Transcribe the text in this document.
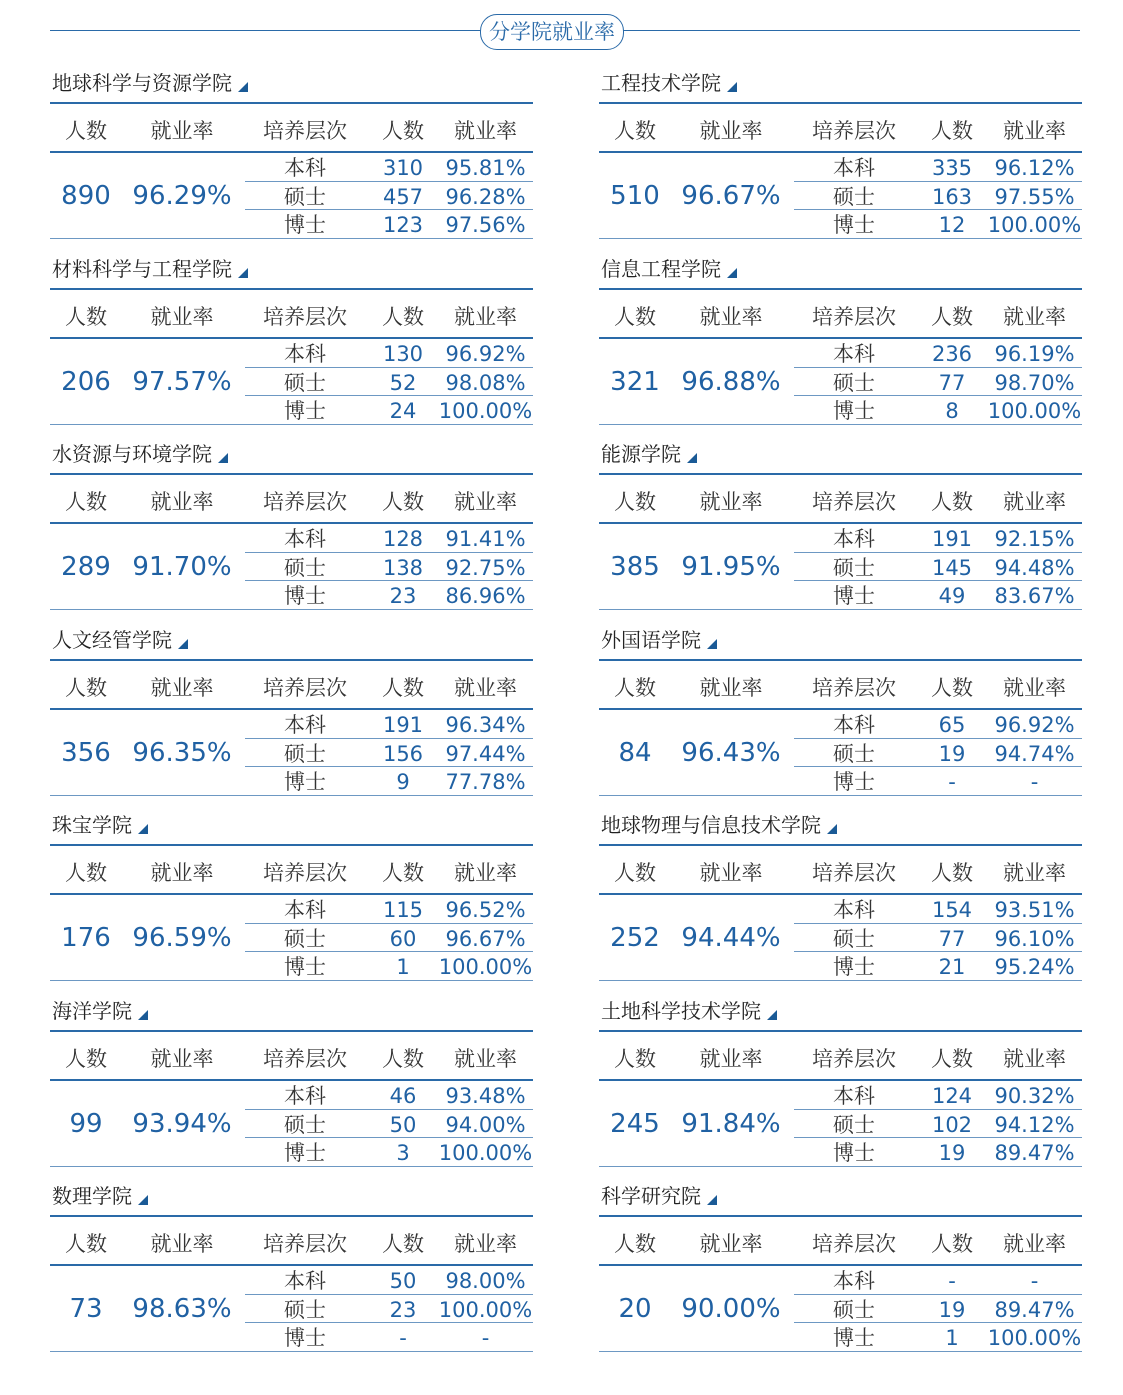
分学院就业率
地球科学与资源学院
人数	就业率	培养层次	人数	就业率
890 96.29%
本科	310	95.81%
硕士	457	96.28%
博士	123	97.56%
工程技术学院
人数	就业率	培养层次	人数	就业率
510 96.67%
本科	335	96.12%
硕士	163	97.55%
博士	12	100.00%
材料科学与工程学院
人数	就业率	培养层次	人数	就业率
206 97.57%
本科	130	96.92%
硕士	52	98.08%
博士	24	100.00%
信息工程学院
人数	就业率	培养层次	人数	就业率
321 96.88%
本科	236	96.19%
硕士	77	98.70%
博士	8	100.00%
水资源与环境学院
人数	就业率	培养层次	人数	就业率
289 91.70%
本科	128	91.41%
硕士	138	92.75%
博士	23	86.96%
能源学院
人数	就业率	培养层次	人数	就业率
385 91.95%
本科	191	92.15%
硕士	145	94.48%
博士	49	83.67%
人文经管学院
人数	就业率	培养层次	人数	就业率
356 96.35%
本科	191	96.34%
硕士	156	97.44%
博士	9	77.78%
外国语学院
人数	就业率	培养层次	人数	就业率
84	96.43%
本科	65	96.92%
硕士	19	94.74%
博士	-	-
珠宝学院
人数	就业率	培养层次	人数	就业率
176 96.59%
本科	115	96.52%
硕士	60	96.67%
博士	1	100.00%
地球物理与信息技术学院
人数	就业率	培养层次	人数	就业率
252 94.44%
本科	154	93.51%
硕士	77	96.10%
博士	21	95.24%
海洋学院
人数	就业率	培养层次	人数	就业率
99	93.94%
本科	46	93.48%
硕士	50	94.00%
博士	3	100.00%
土地科学技术学院
人数	就业率	培养层次	人数	就业率
245 91.84%
本科	124	90.32%
硕士	102	94.12%
博士	19	89.47%
数理学院
人数	就业率	培养层次	人数	就业率
73	98.63%
本科	50	98.00%
硕士	23	100.00%
博士	-	-
科学研究院
人数	就业率	培养层次	人数	就业率
20	90.00%
本科	-	-
硕士	19	89.47%
博士	1	100.00%
